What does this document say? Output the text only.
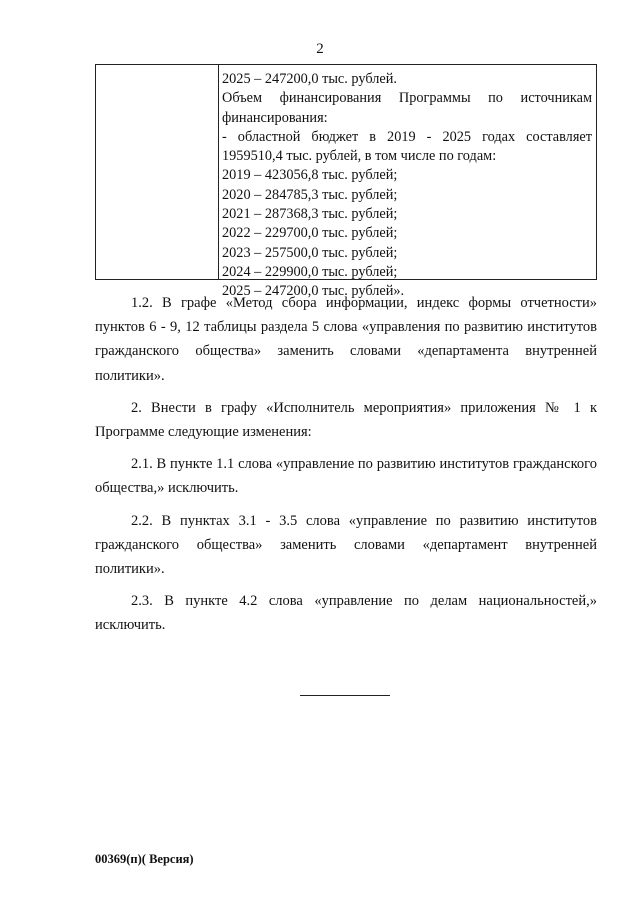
2
2025 – 247200,0 тыс. рублей.
Объем финансирования Программы по источникам
финансирования:
- областной бюджет в 2019 - 2025 годах составляет
1959510,4 тыс. рублей, в том числе по годам:
2019 – 423056,8 тыс. рублей;
2020 – 284785,3 тыс. рублей;
2021 – 287368,3 тыс. рублей;
2022 – 229700,0 тыс. рублей;
2023 – 257500,0 тыс. рублей;
2024 – 229900,0 тыс. рублей;
2025 – 247200,0 тыс. рублей».

1.2. В графе «Метод сбора информации, индекс формы отчетности» пунктов 6 - 9, 12 таблицы раздела 5 слова «управления по развитию институтов гражданского общества» заменить словами «департамента внутренней политики».

2. Внести в графу «Исполнитель мероприятия» приложения № 1 к Программе следующие изменения:

2.1. В пункте 1.1 слова «управление по развитию институтов гражданского общества,» исключить.

2.2. В пунктах 3.1 - 3.5 слова «управление по развитию институтов гражданского общества» заменить словами «департамент внутренней политики».

2.3. В пункте 4.2 слова «управление по делам национальностей,» исключить.

00369(п)( Версия)
